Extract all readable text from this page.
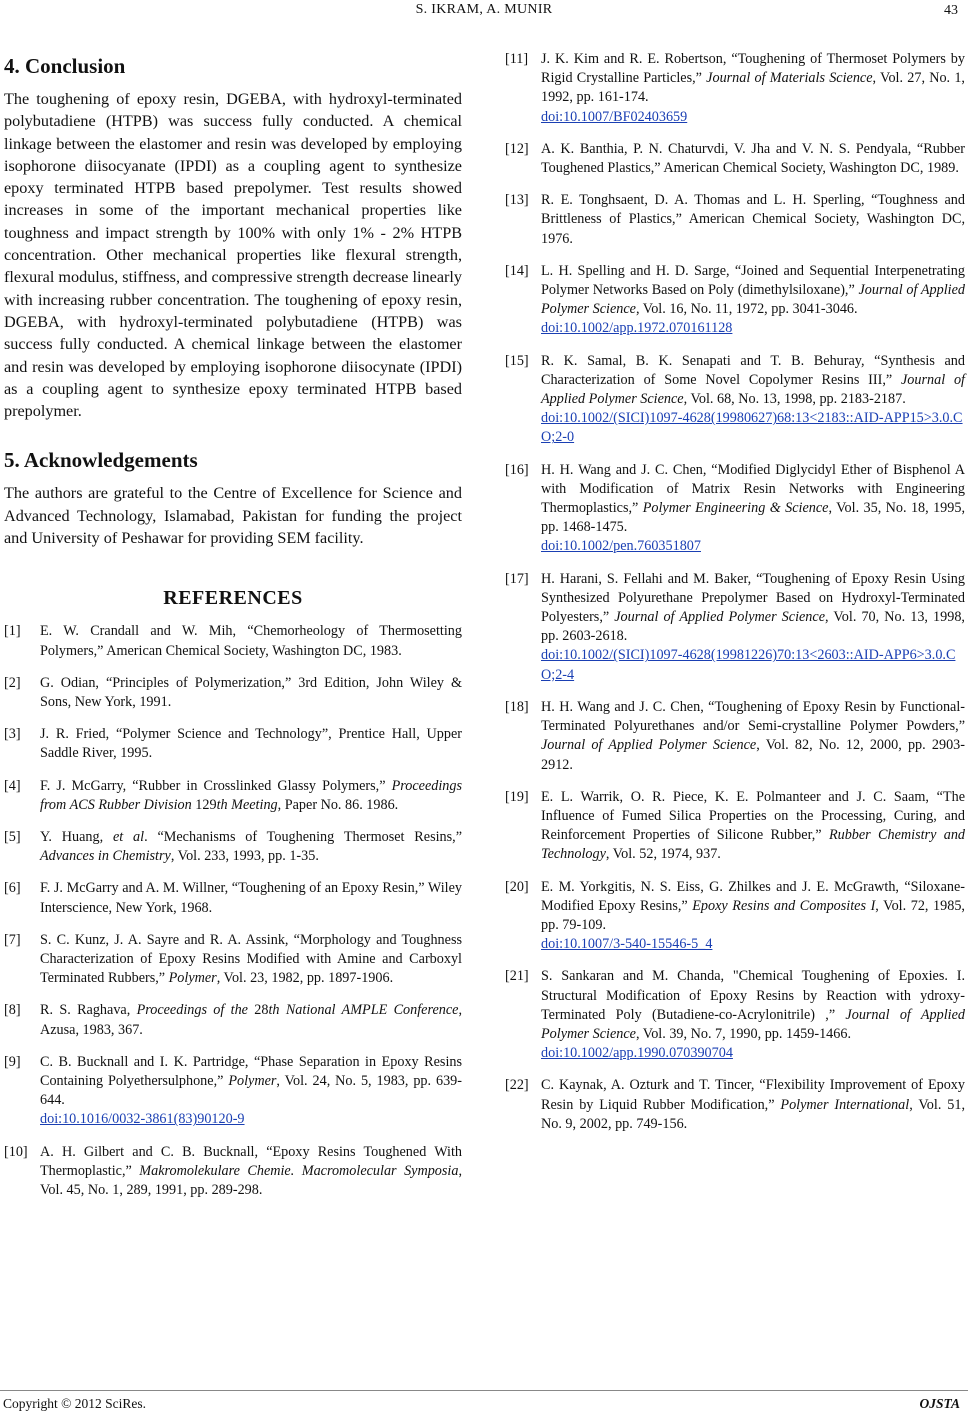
S. IKRAM, A. MUNIR	43
4. Conclusion

The toughening of epoxy resin, DGEBA, with hydroxyl-terminated polybutadiene (HTPB) was success fully conducted. A chemical linkage between the elastomer and resin was developed by employing isophorone diisocyanate (IPDI) as a coupling agent to synthesize epoxy terminated HTPB based prepolymer. Test results showed increases in some of the important mechanical properties like toughness and impact strength by 100% with only 1% - 2% HTPB concentration. Other mechanical properties like flexural strength, flexural modulus, stiffness, and compressive strength decrease linearly with increasing rubber concentration. The toughening of epoxy resin, DGEBA, with hydroxyl-terminated polybutadiene (HTPB) was success fully conducted. A chemical linkage between the elastomer and resin was developed by employing isophorone diisocynate (IPDI) as a coupling agent to synthesize epoxy terminated HTPB based prepolymer.

5. Acknowledgements

The authors are grateful to the Centre of Excellence for Science and Advanced Technology, Islamabad, Pakistan for funding the project and University of Peshawar for providing SEM facility.

REFERENCES
[1]	E. W. Crandall and W. Mih, “Chemorheology of Thermosetting Polymers,” American Chemical Society, Washington DC, 1983.
[2]	G. Odian, “Principles of Polymerization,” 3rd Edition, John Wiley & Sons, New York, 1991.
[3]	J. R. Fried, “Polymer Science and Technology”, Prentice Hall, Upper Saddle River, 1995.
[4]	F. J. McGarry, “Rubber in Crosslinked Glassy Polymers,” Proceedings from ACS Rubber Division 129th Meeting, Paper No. 86. 1986.
[5]	Y. Huang, et al. “Mechanisms of Toughening Thermoset Resins,” Advances in Chemistry, Vol. 233, 1993, pp. 1-35.
[6]	F. J. McGarry and A. M. Willner, “Toughening of an Epoxy Resin,” Wiley Interscience, New York, 1968.
[7]	S. C. Kunz, J. A. Sayre and R. A. Assink, “Morphology and Toughness Characterization of Epoxy Resins Modified with Amine and Carboxyl Terminated Rubbers,” Polymer, Vol. 23, 1982, pp. 1897-1906.
[8]	R. S. Raghava, Proceedings of the 28th National AMPLE Conference, Azusa, 1983, 367.
[9]	C. B. Bucknall and I. K. Partridge, “Phase Separation in Epoxy Resins Containing Polyethersulphone,” Polymer, Vol. 24, No. 5, 1983, pp. 639-644.
doi:10.1016/0032-3861(83)90120-9
[10] A. H. Gilbert and C. B. Bucknall, “Epoxy Resins Toughened With Thermoplastic,” Makromolekulare Chemie. Macromolecular Symposia, Vol. 45, No. 1, 289, 1991, pp. 289-298.
[11] J. K. Kim and R. E. Robertson, “Toughening of Thermoset Polymers by Rigid Crystalline Particles,” Journal of Materials Science, Vol. 27, No. 1, 1992, pp. 161-174.
doi:10.1007/BF02403659
[12] A. K. Banthia, P. N. Chaturvdi, V. Jha and V. N. S. Pendyala, “Rubber Toughened Plastics,” American Chemical Society, Washington DC, 1989.
[13] R. E. Tonghsaent, D. A. Thomas and L. H. Sperling, “Toughness and Brittleness of Plastics,” American Chemical Society, Washington DC, 1976.
[14] L. H. Spelling and H. D. Sarge, “Joined and Sequential Interpenetrating Polymer Networks Based on Poly (dimethylsiloxane),” Journal of Applied Polymer Science, Vol. 16, No. 11, 1972, pp. 3041-3046.
doi:10.1002/app.1972.070161128
[15] R. K. Samal, B. K. Senapati and T. B. Behuray, “Synthesis and Characterization of Some Novel Copolymer Resins III,” Journal of Applied Polymer Science, Vol. 68, No. 13, 1998, pp. 2183-2187.
doi:10.1002/(SICI)1097-4628(19980627)68:13<2183::AID-APP15>3.0.CO;2-0
[16] H. H. Wang and J. C. Chen, “Modified Diglycidyl Ether of Bisphenol A with Modification of Matrix Resin Networks with Engineering Thermoplastics,” Polymer Engineering & Science, Vol. 35, No. 18, 1995, pp. 1468-1475.
doi:10.1002/pen.760351807
[17] H. Harani, S. Fellahi and M. Baker, “Toughening of Epoxy Resin Using Synthesized Polyurethane Prepolymer Based on Hydroxyl-Terminated Polyesters,” Journal of Applied Polymer Science, Vol. 70, No. 13, 1998, pp. 2603-2618.
doi:10.1002/(SICI)1097-4628(19981226)70:13<2603::AID-APP6>3.0.CO;2-4
[18] H. H. Wang and J. C. Chen, “Toughening of Epoxy Resin by Functional-Terminated Polyurethanes and/or Semi-crystalline Polymer Powders,” Journal of Applied Polymer Science, Vol. 82, No. 12, 2000, pp. 2903-2912.
[19] E. L. Warrik, O. R. Piece, K. E. Polmanteer and J. C. Saam, “The Influence of Fumed Silica Properties on the Processing, Curing, and Reinforcement Properties of Silicone Rubber,” Rubber Chemistry and Technology, Vol. 52, 1974, 937.
[20] E. M. Yorkgitis, N. S. Eiss, G. Zhilkes and J. E. McGrawth, “Siloxane-Modified Epoxy Resins,” Epoxy Resins and Composites I, Vol. 72, 1985, pp. 79-109.
doi:10.1007/3-540-15546-5_4
[21] S. Sankaran and M. Chanda, "Chemical Toughening of Epoxies. I. Structural Modification of Epoxy Resins by Reaction with ydroxy-Terminated Poly (Butadiene-co-Acrylonitrile) ,” Journal of Applied Polymer Science, Vol. 39, No. 7, 1990, pp. 1459-1466.
doi:10.1002/app.1990.070390704
[22] C. Kaynak, A. Ozturk and T. Tincer, “Flexibility Improvement of Epoxy Resin by Liquid Rubber Modification,” Polymer International, Vol. 51, No. 9, 2002, pp. 749-156.
Copyright © 2012 SciRes.	OJSTA
